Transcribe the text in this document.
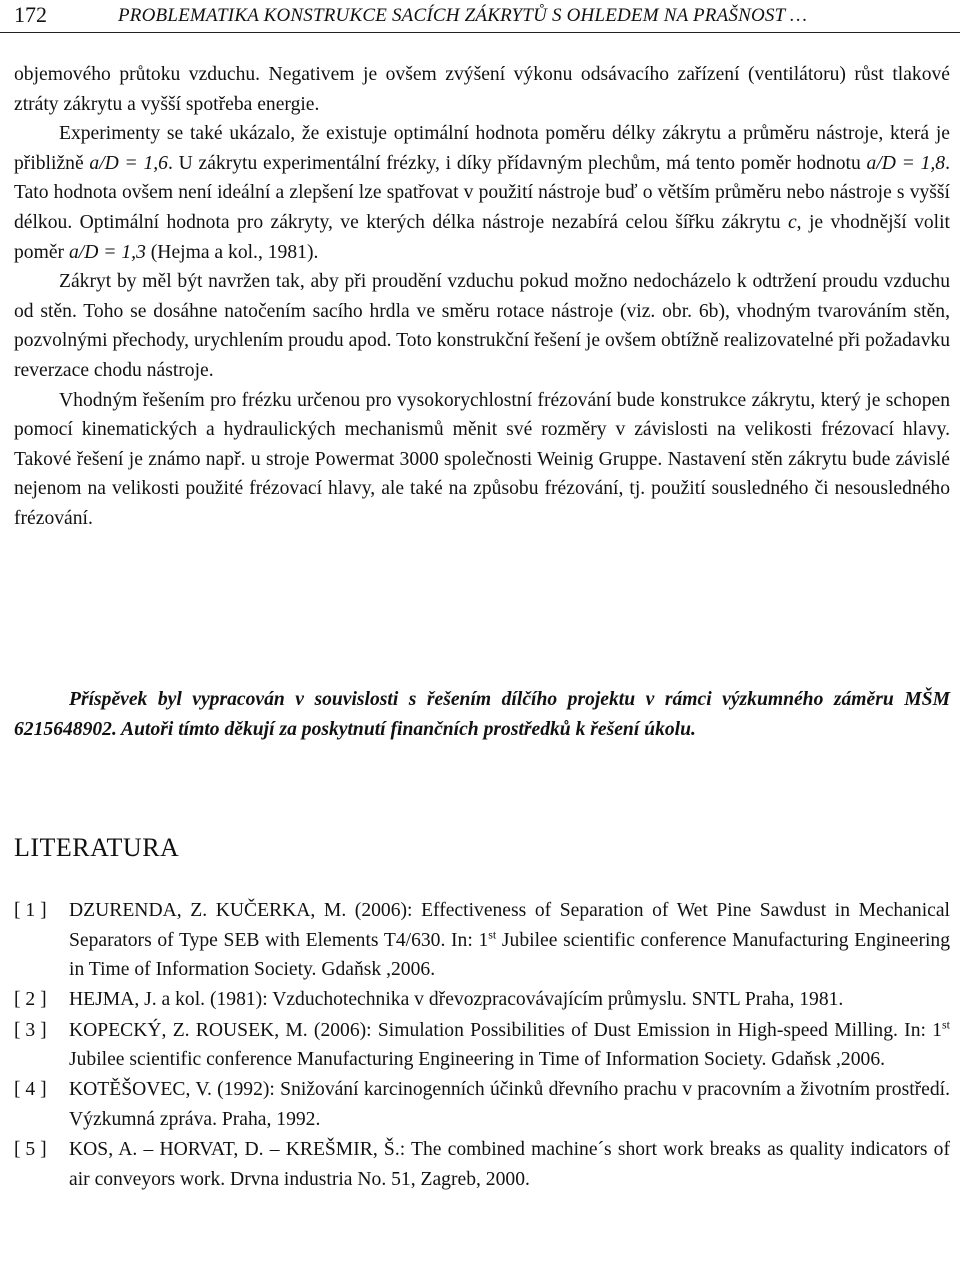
172	PROBLEMATIKA KONSTRUKCE SACÍCH ZÁKRYTŮ S OHLEDEM NA PRAŠNOST …

objemového průtoku vzduchu. Negativem je ovšem zvýšení výkonu odsávacího zařízení (ventilátoru) růst tlakové ztráty zákrytu a vyšší spotřeba energie.

Experimenty se také ukázalo, že existuje optimální hodnota poměru délky zákrytu a průměru nástroje, která je přibližně a/D = 1,6. U zákrytu experimentální frézky, i díky přídavným plechům, má tento poměr hodnotu a/D = 1,8. Tato hodnota ovšem není ideální a zlepšení lze spatřovat v použití nástroje buď o větším průměru nebo nástroje s vyšší délkou. Optimální hodnota pro zákryty, ve kterých délka nástroje nezabírá celou šířku zákrytu c, je vhodnější volit poměr a/D = 1,3 (Hejma a kol., 1981).

Zákryt by měl být navržen tak, aby při proudění vzduchu pokud možno nedocházelo k odtržení proudu vzduchu od stěn. Toho se dosáhne natočením sacího hrdla ve směru rotace nástroje (viz. obr. 6b), vhodným tvarováním stěn, pozvolnými přechody, urychlením proudu apod. Toto konstrukční řešení je ovšem obtížně realizovatelné při požadavku reverzace chodu nástroje.

Vhodným řešením pro frézku určenou pro vysokorychlostní frézování bude konstrukce zákrytu, který je schopen pomocí kinematických a hydraulických mechanismů měnit své rozměry v závislosti na velikosti frézovací hlavy. Takové řešení je známo např. u stroje Powermat 3000 společnosti Weinig Gruppe. Nastavení stěn zákrytu bude závislé nejenom na velikosti použité frézovací hlavy, ale také na způsobu frézování, tj. použití sousledného či nesousledného frézování.

Příspěvek byl vypracován v souvislosti s řešením dílčího projektu v rámci výzkumného záměru MŠM 6215648902. Autoři tímto děkují za poskytnutí finančních prostředků k řešení úkolu.

LITERATURA

[ 1 ]	DZURENDA, Z. KUČERKA, M. (2006): Effectiveness of Separation of Wet Pine Sawdust in Mechanical Separators of Type SEB with Elements T4/630. In: 1st Jubilee scientific conference Manufacturing Engineering in Time of Information Society. Gdaňsk ,2006.

[ 2 ]	HEJMA, J. a kol. (1981): Vzduchotechnika v dřevozpracovávajícím průmyslu. SNTL Praha, 1981.

[ 3 ]	KOPECKÝ, Z. ROUSEK, M. (2006): Simulation Possibilities of Dust Emission in High-speed Milling. In: 1st Jubilee scientific conference Manufacturing Engineering in Time of Information Society. Gdaňsk ,2006.

[ 4 ]	KOTĚŠOVEC, V. (1992): Snižování karcinogenních účinků dřevního prachu v pracovním a životním prostředí. Výzkumná zpráva. Praha, 1992.

[ 5 ]	KOS, A. – HORVAT, D. – KREŠMIR, Š.: The combined machine´s short work breaks as quality indicators of air conveyors work. Drvna industria No. 51, Zagreb, 2000.
